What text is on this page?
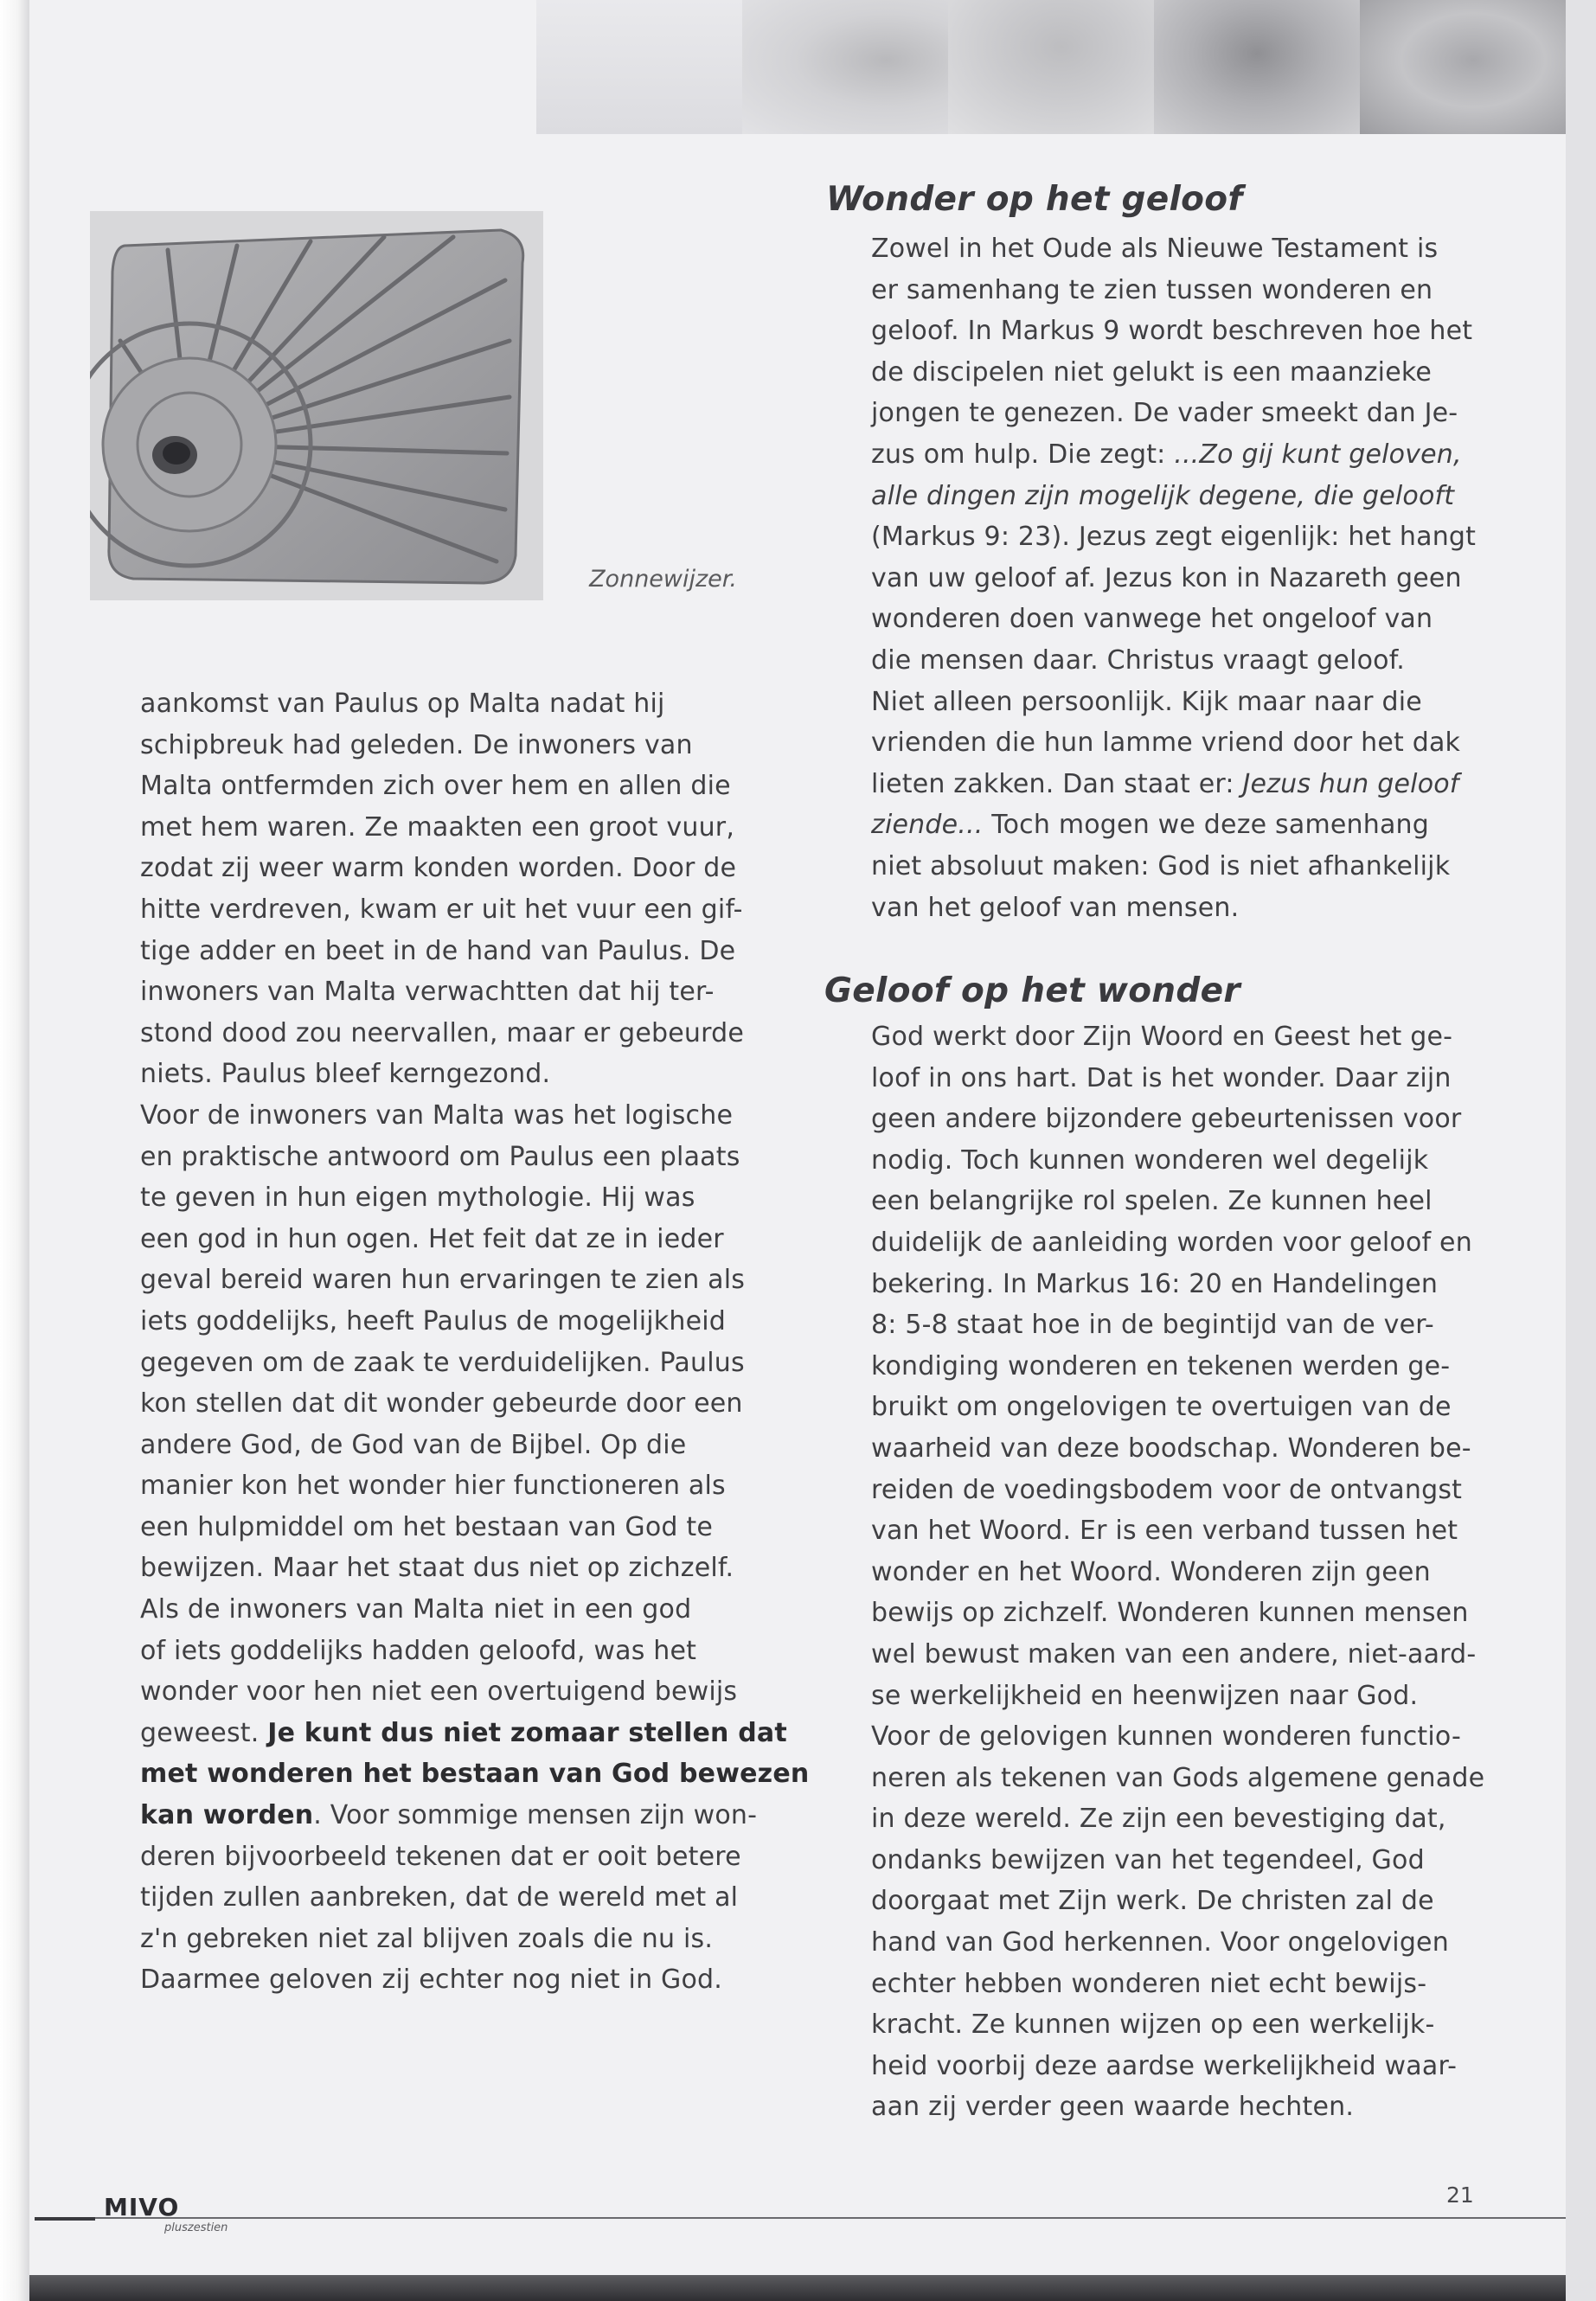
Zonnewijzer.
aankomst van Paulus op Malta nadat hij
schipbreuk had geleden. De inwoners van
Malta ontfermden zich over hem en allen die
met hem waren. Ze maakten een groot vuur,
zodat zij weer warm konden worden. Door de
hitte verdreven, kwam er uit het vuur een gif-
tige adder en beet in de hand van Paulus. De
inwoners van Malta verwachtten dat hij ter-
stond dood zou neervallen, maar er gebeurde
niets. Paulus bleef kerngezond.
Voor de inwoners van Malta was het logische
en praktische antwoord om Paulus een plaats
te geven in hun eigen mythologie. Hij was
een god in hun ogen. Het feit dat ze in ieder
geval bereid waren hun ervaringen te zien als
iets goddelijks, heeft Paulus de mogelijkheid
gegeven om de zaak te verduidelijken. Paulus
kon stellen dat dit wonder gebeurde door een
andere God, de God van de Bijbel. Op die
manier kon het wonder hier functioneren als
een hulpmiddel om het bestaan van God te
bewijzen. Maar het staat dus niet op zichzelf.
Als de inwoners van Malta niet in een god
of iets goddelijks hadden geloofd, was het
wonder voor hen niet een overtuigend bewijs
geweest. Je kunt dus niet zomaar stellen dat
met wonderen het bestaan van God bewezen
kan worden. Voor sommige mensen zijn won-
deren bijvoorbeeld tekenen dat er ooit betere
tijden zullen aanbreken, dat de wereld met al
z'n gebreken niet zal blijven zoals die nu is.
Daarmee geloven zij echter nog niet in God.
Wonder op het geloof
Zowel in het Oude als Nieuwe Testament is
er samenhang te zien tussen wonderen en
geloof. In Markus 9 wordt beschreven hoe het
de discipelen niet gelukt is een maanzieke
jongen te genezen. De vader smeekt dan Je-
zus om hulp. Die zegt: ...Zo gij kunt geloven,
alle dingen zijn mogelijk degene, die gelooft
(Markus 9: 23). Jezus zegt eigenlijk: het hangt
van uw geloof af. Jezus kon in Nazareth geen
wonderen doen vanwege het ongeloof van
die mensen daar. Christus vraagt geloof.
Niet alleen persoonlijk. Kijk maar naar die
vrienden die hun lamme vriend door het dak
lieten zakken. Dan staat er: Jezus hun geloof
ziende... Toch mogen we deze samenhang
niet absoluut maken: God is niet afhankelijk
van het geloof van mensen.
Geloof op het wonder
God werkt door Zijn Woord en Geest het ge-
loof in ons hart. Dat is het wonder. Daar zijn
geen andere bijzondere gebeurtenissen voor
nodig. Toch kunnen wonderen wel degelijk
een belangrijke rol spelen. Ze kunnen heel
duidelijk de aanleiding worden voor geloof en
bekering. In Markus 16: 20 en Handelingen
8: 5-8 staat hoe in de begintijd van de ver-
kondiging wonderen en tekenen werden ge-
bruikt om ongelovigen te overtuigen van de
waarheid van deze boodschap. Wonderen be-
reiden de voedingsbodem voor de ontvangst
van het Woord. Er is een verband tussen het
wonder en het Woord. Wonderen zijn geen
bewijs op zichzelf. Wonderen kunnen mensen
wel bewust maken van een andere, niet-aard-
se werkelijkheid en heenwijzen naar God.
Voor de gelovigen kunnen wonderen functio-
neren als tekenen van Gods algemene genade
in deze wereld. Ze zijn een bevestiging dat,
ondanks bewijzen van het tegendeel, God
doorgaat met Zijn werk. De christen zal de
hand van God herkennen. Voor ongelovigen
echter hebben wonderen niet echt bewijs-
kracht. Ze kunnen wijzen op een werkelijk-
heid voorbij deze aardse werkelijkheid waar-
aan zij verder geen waarde hechten.
MIVO
pluszestien
21
